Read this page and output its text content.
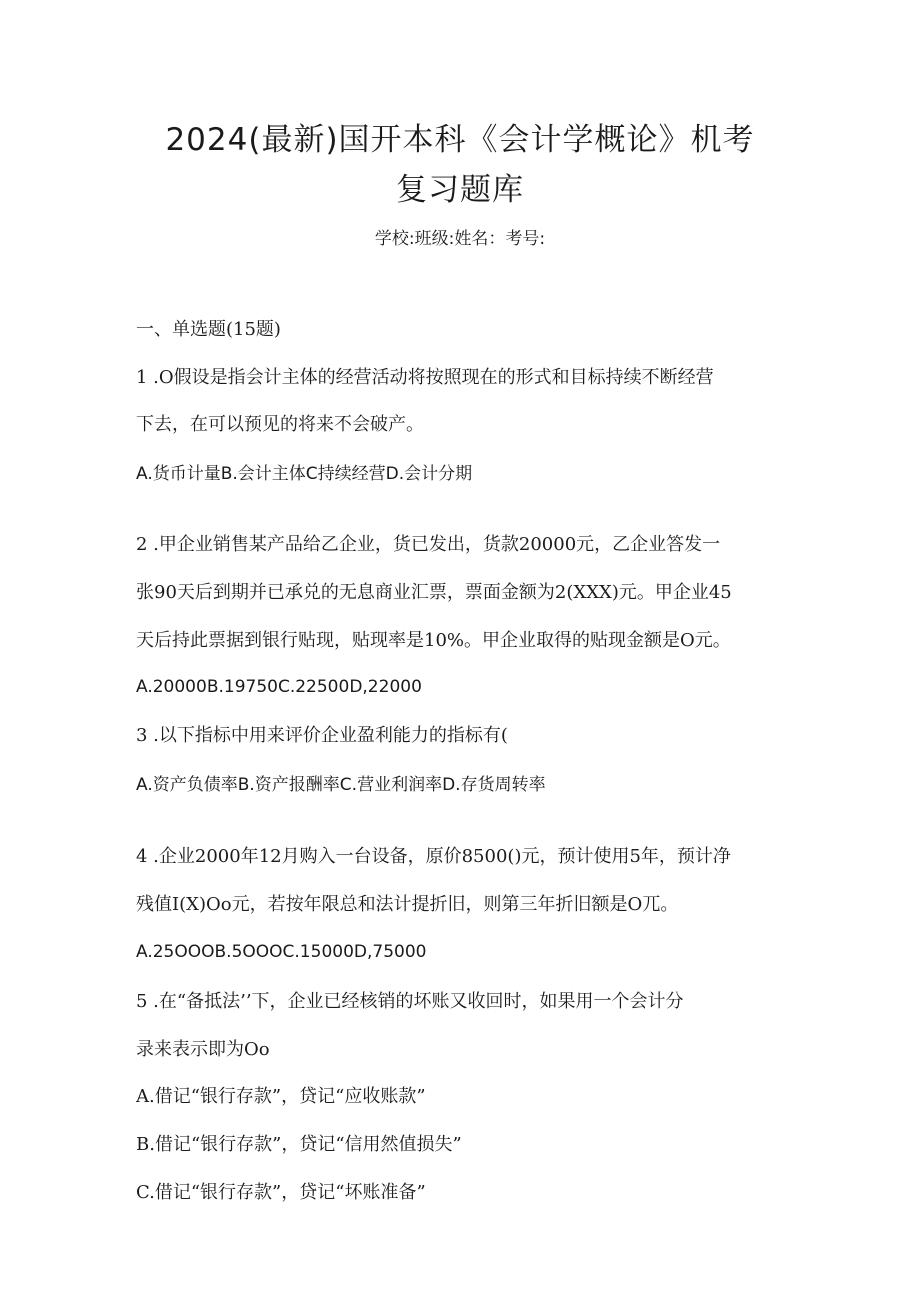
2024(最新)国开本科《会计学概论》机考
复习题库
学校:班级:姓名：考号:
一、单选题(15题)
1 .O假设是指会计主体的经营活动将按照现在的形式和目标持续不断经营
下去，在可以预见的将来不会破产。
A.货币计量B.会计主体C持续经营D.会计分期
2 .甲企业销售某产品给乙企业，货已发出，货款20000元，乙企业答发一
张90天后到期并已承兑的无息商业汇票，票面金额为2(XXX)元。甲企业45
天后持此票据到银行贴现，贴现率是10%。甲企业取得的贴现金额是O元。
A.20000B.19750C.22500D,22000
3 .以下指标中用来评价企业盈利能力的指标有(
A.资产负债率B.资产报酬率C.营业利润率D.存货周转率
4 .企业2000年12月购入一台设备，原价8500()元，预计使用5年，预计净
残值I(X)Oo元，若按年限总和法计提折旧，则第三年折旧额是O兀。
A.25OOOB.5OOOC.15000D,75000
5 .在“备抵法’’下，企业已经核销的坏账又收回时，如果用一个会计分
录来表示即为Oo
A.借记“银行存款”，贷记“应收账款”
B.借记“银行存款”，贷记“信用然值损失”
C.借记“银行存款”，贷记“坏账准备”
